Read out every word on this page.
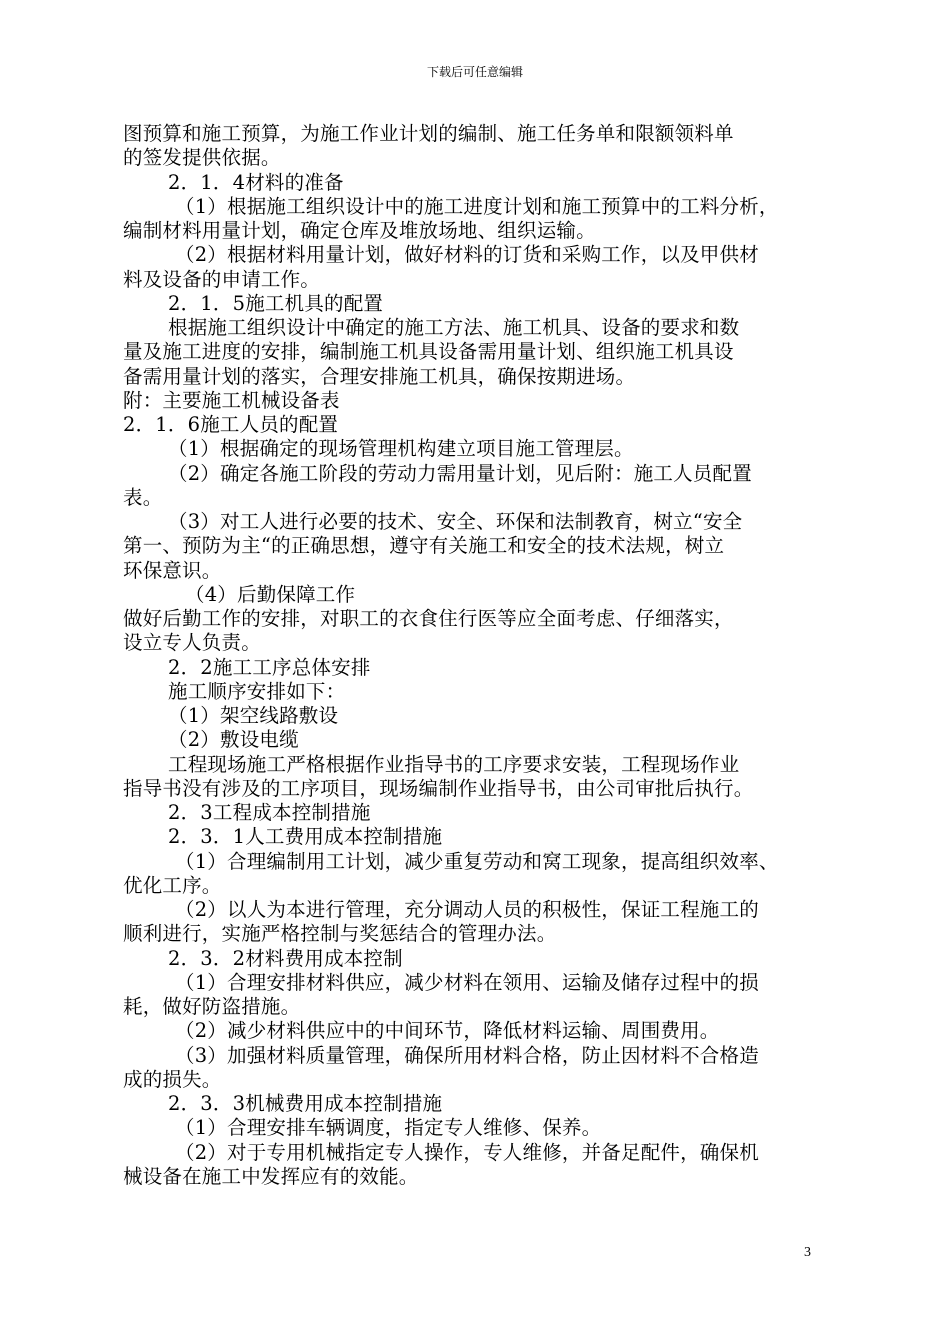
下载后可任意编辑
图预算和施工预算，为施工作业计划的编制、施工任务单和限额领料单
的签发提供依据。
2．1．4材料的准备
（1）根据施工组织设计中的施工进度计划和施工预算中的工料分析，
编制材料用量计划，确定仓库及堆放场地、组织运输。
（2）根据材料用量计划，做好材料的订货和采购工作，以及甲供材
料及设备的申请工作。
2．1．5施工机具的配置
根据施工组织设计中确定的施工方法、施工机具、设备的要求和数
量及施工进度的安排，编制施工机具设备需用量计划、组织施工机具设
备需用量计划的落实，合理安排施工机具，确保按期进场。
附：主要施工机械设备表
2．1．6施工人员的配置
（1）根据确定的现场管理机构建立项目施工管理层。
（2）确定各施工阶段的劳动力需用量计划，见后附：施工人员配置
表。
（3）对工人进行必要的技术、安全、环保和法制教育，树立“安全
第一、预防为主“的正确思想，遵守有关施工和安全的技术法规，树立
环保意识。
（4）后勤保障工作
做好后勤工作的安排，对职工的衣食住行医等应全面考虑、仔细落实，
设立专人负责。
2．2施工工序总体安排
施工顺序安排如下：
（1）架空线路敷设
（2）敷设电缆
工程现场施工严格根据作业指导书的工序要求安装，工程现场作业
指导书没有涉及的工序项目，现场编制作业指导书，由公司审批后执行。
2．3工程成本控制措施
2．3．1人工费用成本控制措施
（1）合理编制用工计划，减少重复劳动和窝工现象，提高组织效率、
优化工序。
（2）以人为本进行管理，充分调动人员的积极性，保证工程施工的
顺利进行，实施严格控制与奖惩结合的管理办法。
2．3．2材料费用成本控制
（1）合理安排材料供应，减少材料在领用、运输及储存过程中的损
耗，做好防盗措施。
（2）减少材料供应中的中间环节，降低材料运输、周围费用。
（3）加强材料质量管理，确保所用材料合格，防止因材料不合格造
成的损失。
2．3．3机械费用成本控制措施
（1）合理安排车辆调度，指定专人维修、保养。
（2）对于专用机械指定专人操作，专人维修，并备足配件，确保机
械设备在施工中发挥应有的效能。
3
